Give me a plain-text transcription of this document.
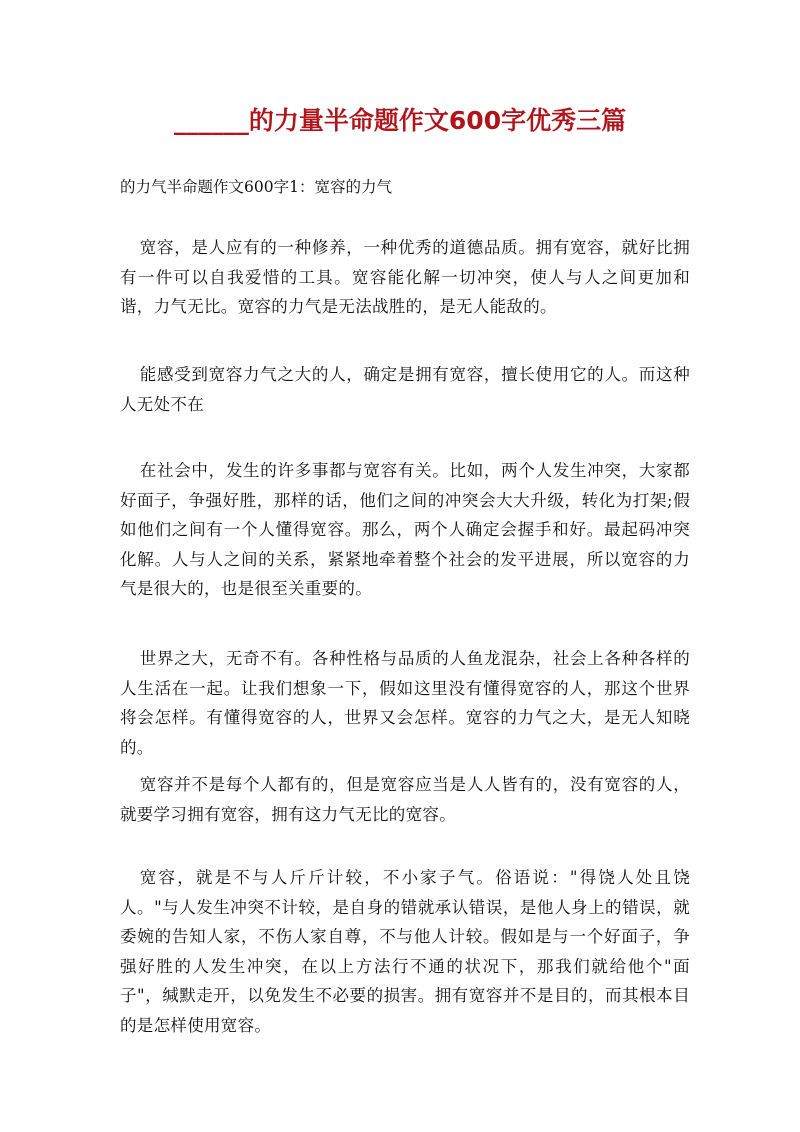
______的力量半命题作文600字优秀三篇
的力气半命题作文600字1：宽容的力气
宽容，是人应有的一种修养，一种优秀的道德品质。拥有宽容，就好比拥有一件可以自我爱惜的工具。宽容能化解一切冲突，使人与人之间更加和谐，力气无比。宽容的力气是无法战胜的，是无人能敌的。
能感受到宽容力气之大的人，确定是拥有宽容，擅长使用它的人。而这种人无处不在
在社会中，发生的许多事都与宽容有关。比如，两个人发生冲突，大家都好面子，争强好胜，那样的话，他们之间的冲突会大大升级，转化为打架;假如他们之间有一个人懂得宽容。那么，两个人确定会握手和好。最起码冲突化解。人与人之间的关系，紧紧地牵着整个社会的发平进展，所以宽容的力气是很大的，也是很至关重要的。
世界之大，无奇不有。各种性格与品质的人鱼龙混杂，社会上各种各样的人生活在一起。让我们想象一下，假如这里没有懂得宽容的人，那这个世界将会怎样。有懂得宽容的人，世界又会怎样。宽容的力气之大，是无人知晓的。
宽容并不是每个人都有的，但是宽容应当是人人皆有的，没有宽容的人，就要学习拥有宽容，拥有这力气无比的宽容。
宽容，就是不与人斤斤计较，不小家子气。俗语说："得饶人处且饶人。"与人发生冲突不计较，是自身的错就承认错误，是他人身上的错误，就委婉的告知人家，不伤人家自尊，不与他人计较。假如是与一个好面子，争强好胜的人发生冲突，在以上方法行不通的状况下，那我们就给他个"面子"，缄默走开，以免发生不必要的损害。拥有宽容并不是目的，而其根本目的是怎样使用宽容。
